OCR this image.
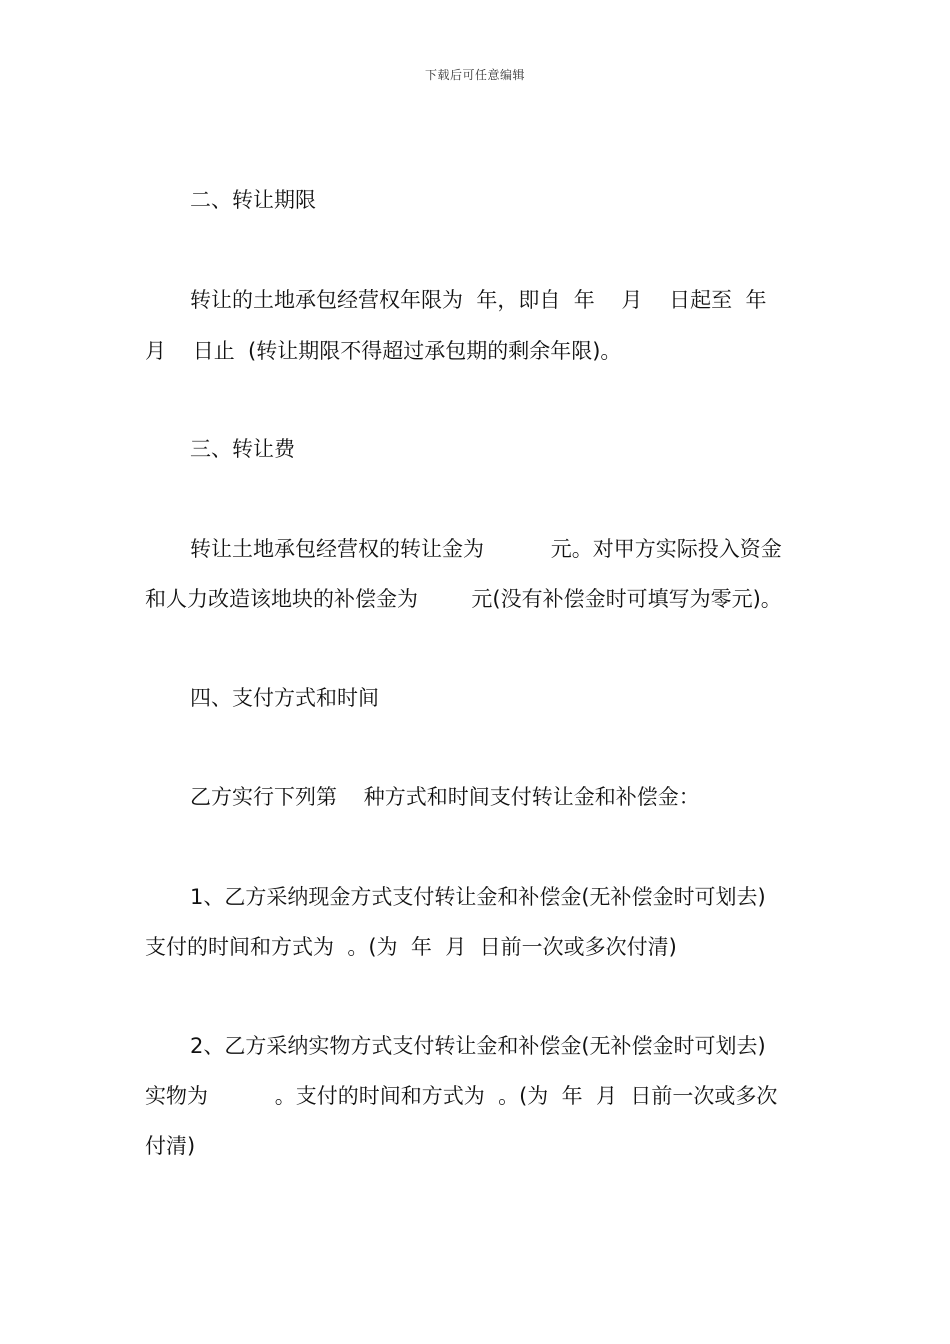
下载后可任意编辑
二、转让期限
转让的土地承包经营权年限为  年，即自  年    月    日起至  年
月    日止  (转让期限不得超过承包期的剩余年限)。
三、转让费
转让土地承包经营权的转让金为          元。对甲方实际投入资金
和人力改造该地块的补偿金为        元(没有补偿金时可填写为零元)。
四、支付方式和时间
乙方实行下列第    种方式和时间支付转让金和补偿金：
1、乙方采纳现金方式支付转让金和补偿金(无补偿金时可划去)
支付的时间和方式为  。(为  年  月  日前一次或多次付清)
2、乙方采纳实物方式支付转让金和补偿金(无补偿金时可划去)
实物为          。支付的时间和方式为  。(为  年  月  日前一次或多次
付清)
